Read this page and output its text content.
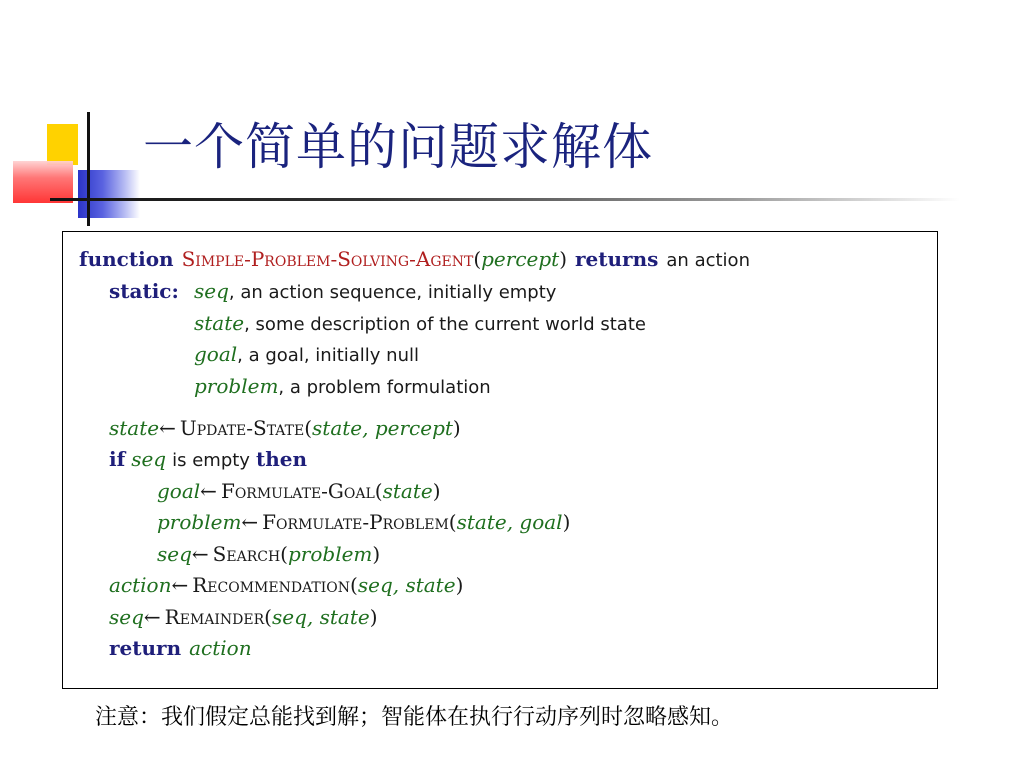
一个简单的问题求解体
function Simple-Problem-Solving-Agent(percept) returns an action
static: seq, an action sequence, initially empty
state, some description of the current world state
goal, a goal, initially null
problem, a problem formulation
state← Update-State(state, percept)
if seq is empty then
goal← Formulate-Goal(state)
problem← Formulate-Problem(state, goal)
seq← Search(problem)
action← Recommendation(seq, state)
seq← Remainder(seq, state)
return action

注意：我们假定总能找到解；智能体在执行行动序列时忽略感知。
